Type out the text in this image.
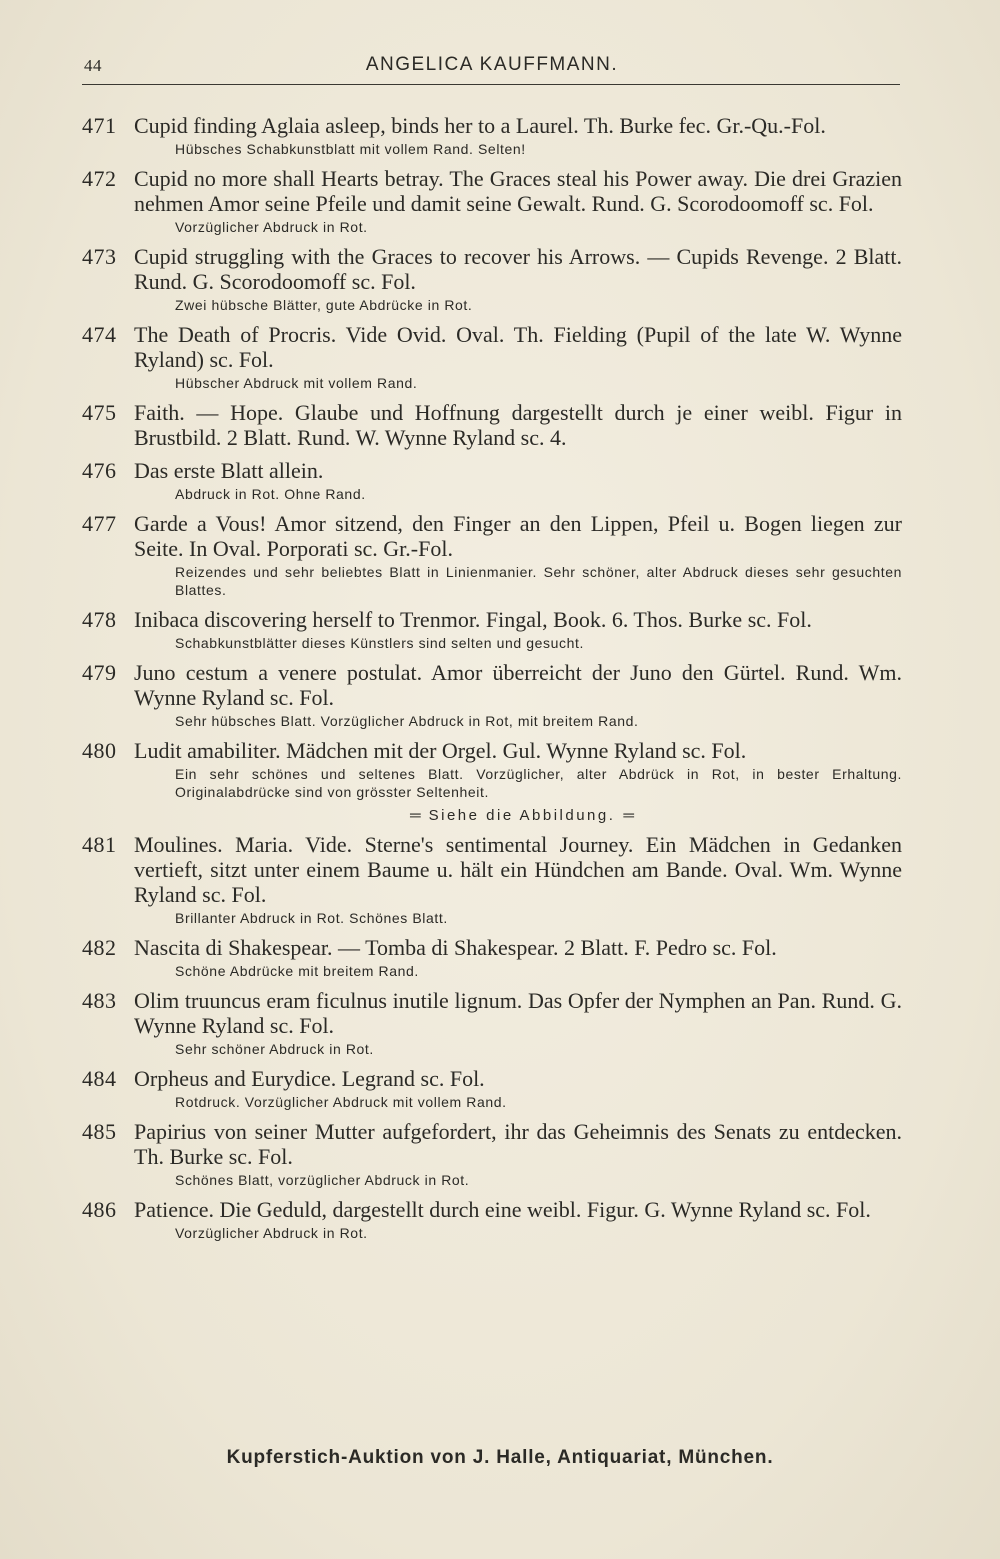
44	ANGELICA KAUFFMANN.
471 Cupid finding Aglaia asleep, binds her to a Laurel. Th. Burke fec. Gr.-Qu.-Fol.
Hübsches Schabkunstblatt mit vollem Rand. Selten!
472 Cupid no more shall Hearts betray. The Graces steal his Power away. Die drei Grazien nehmen Amor seine Pfeile und damit seine Gewalt. Rund. G. Scorodoomoff sc. Fol.
Vorzüglicher Abdruck in Rot.
473 Cupid struggling with the Graces to recover his Arrows. — Cupids Revenge. 2 Blatt. Rund. G. Scorodoomoff sc. Fol.
Zwei hübsche Blätter, gute Abdrücke in Rot.
474 The Death of Procris. Vide Ovid. Oval. Th. Fielding (Pupil of the late W. Wynne Ryland) sc. Fol.
Hübscher Abdruck mit vollem Rand.
475 Faith. — Hope. Glaube und Hoffnung dargestellt durch je einer weibl. Figur in Brustbild. 2 Blatt. Rund. W. Wynne Ryland sc. 4.
476 Das erste Blatt allein.
Abdruck in Rot. Ohne Rand.
477 Garde a Vous! Amor sitzend, den Finger an den Lippen, Pfeil u. Bogen liegen zur Seite. In Oval. Porporati sc. Gr.-Fol.
Reizendes und sehr beliebtes Blatt in Linienmanier. Sehr schöner, alter Abdruck dieses sehr gesuchten Blattes.
478 Inibaca discovering herself to Trenmor. Fingal, Book. 6. Thos. Burke sc. Fol.
Schabkunstblätter dieses Künstlers sind selten und gesucht.
479 Juno cestum a venere postulat. Amor überreicht der Juno den Gürtel. Rund. Wm. Wynne Ryland sc. Fol.
Sehr hübsches Blatt. Vorzüglicher Abdruck in Rot, mit breitem Rand.
480 Ludit amabiliter. Mädchen mit der Orgel. Gul. Wynne Ryland sc. Fol.
Ein sehr schönes und seltenes Blatt. Vorzüglicher, alter Abdrück in Rot, in bester Erhaltung. Originalabdrücke sind von grösster Seltenheit.
═ Siehe die Abbildung. ═
481 Moulines. Maria. Vide. Sterne's sentimental Journey. Ein Mädchen in Gedanken vertieft, sitzt unter einem Baume u. hält ein Hündchen am Bande. Oval. Wm. Wynne Ryland sc. Fol.
Brillanter Abdruck in Rot. Schönes Blatt.
482 Nascita di Shakespear. — Tomba di Shakespear. 2 Blatt. F. Pedro sc. Fol.
Schöne Abdrücke mit breitem Rand.
483 Olim truuncus eram ficulnus inutile lignum. Das Opfer der Nymphen an Pan. Rund. G. Wynne Ryland sc. Fol.
Sehr schöner Abdruck in Rot.
484 Orpheus and Eurydice. Legrand sc. Fol.
Rotdruck. Vorzüglicher Abdruck mit vollem Rand.
485 Papirius von seiner Mutter aufgefordert, ihr das Geheimnis des Senats zu entdecken. Th. Burke sc. Fol.
Schönes Blatt, vorzüglicher Abdruck in Rot.
486 Patience. Die Geduld, dargestellt durch eine weibl. Figur. G. Wynne Ryland sc. Fol.
Vorzüglicher Abdruck in Rot.
Kupferstich-Auktion von J. Halle, Antiquariat, München.
